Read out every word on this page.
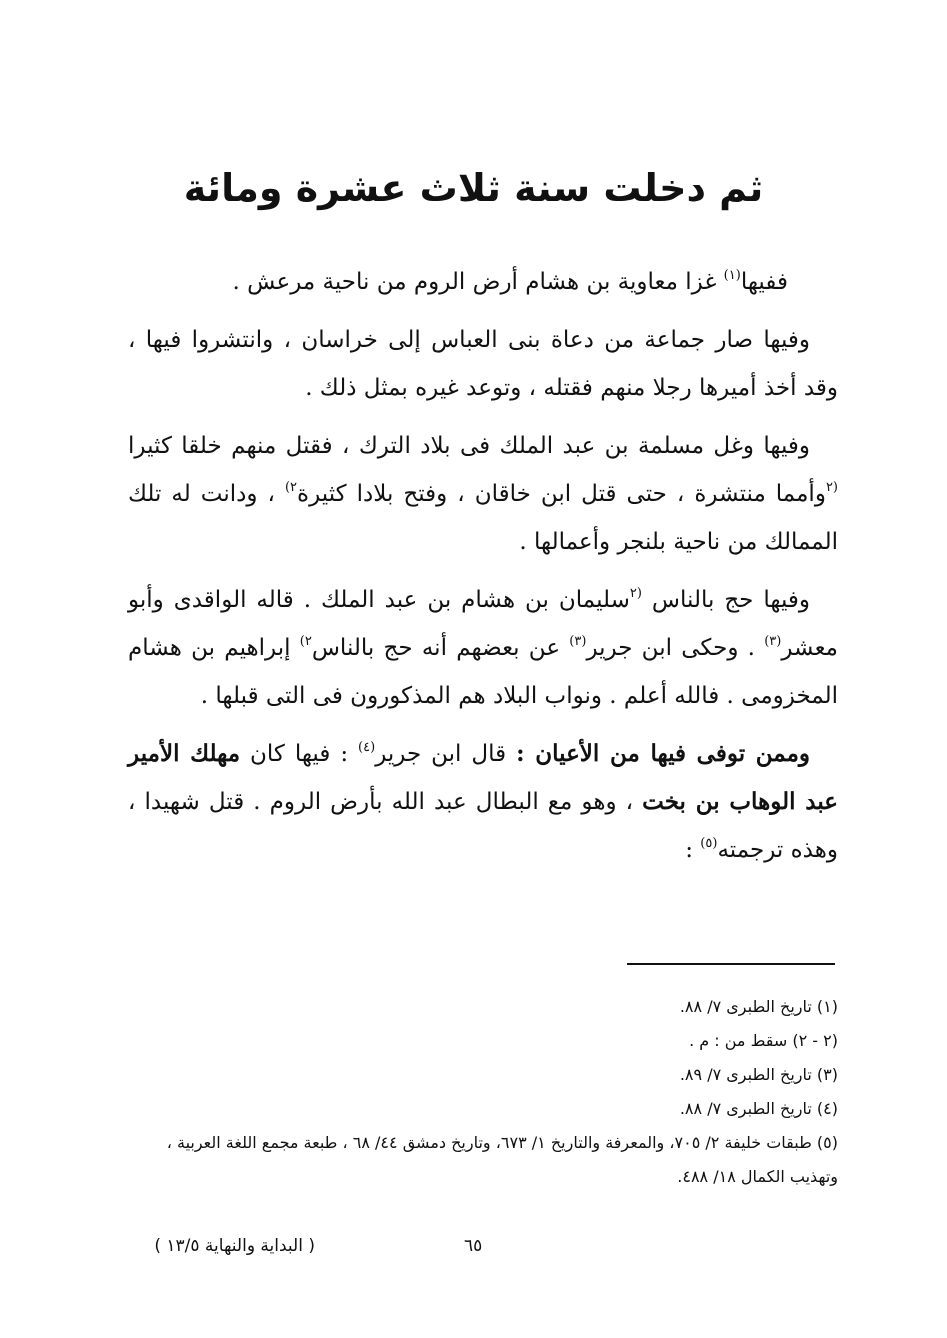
ثم دخلت سنة ثلاث عشرة ومائة

ففيها$^{(١)}$ غزا معاوية بن هشام أرض الروم من ناحية مرعش .

وفيها صار جماعة من دعاة بنى العباس إلى خراسان ، وانتشروا فيها ، وقد أخذ أميرها رجلا منهم فقتله ، وتوعد غيره بمثل ذلك .

وفيها وغل مسلمة بن عبد الملك فى بلاد الترك ، فقتل منهم خلقا كثيرا $^{(٢}$وأمما منتشرة ، حتى قتل ابن خاقان ، وفتح بلادا كثيرة$^{٢)}$ ، ودانت له تلك الممالك من ناحية بلنجر وأعمالها .

وفيها حج بالناس $^{(٢}$سليمان بن هشام بن عبد الملك . قاله الواقدى وأبو معشر$^{(٣)}$ . وحكى ابن جرير$^{(٣)}$ عن بعضهم أنه حج بالناس$^{٢)}$ إبراهيم بن هشام المخزومى . فالله أعلم . ونواب البلاد هم المذكورون فى التى قبلها .

وممن توفى فيها من الأعيان : قال ابن جرير$^{(٤)}$ : فيها كان مهلك الأمير عبد الوهاب بن بخت ، وهو مع البطال عبد الله بأرض الروم . قتل شهيدا ، وهذه ترجمته$^{(٥)}$ :

(١) تاريخ الطبرى ٧/ ٨٨.

(٢ - ٢) سقط من : م .

(٣) تاريخ الطبرى ٧/ ٨٩.

(٤) تاريخ الطبرى ٧/ ٨٨.

(٥) طبقات خليفة ٢/ ٧٠٥، والمعرفة والتاريخ ١/ ٦٧٣، وتاريخ دمشق ٤٤/ ٦٨ ، طبعة مجمع اللغة العربية ، وتهذيب الكمال ١٨/ ٤٨٨.

( البداية والنهاية ١٣/٥ )	٦٥
